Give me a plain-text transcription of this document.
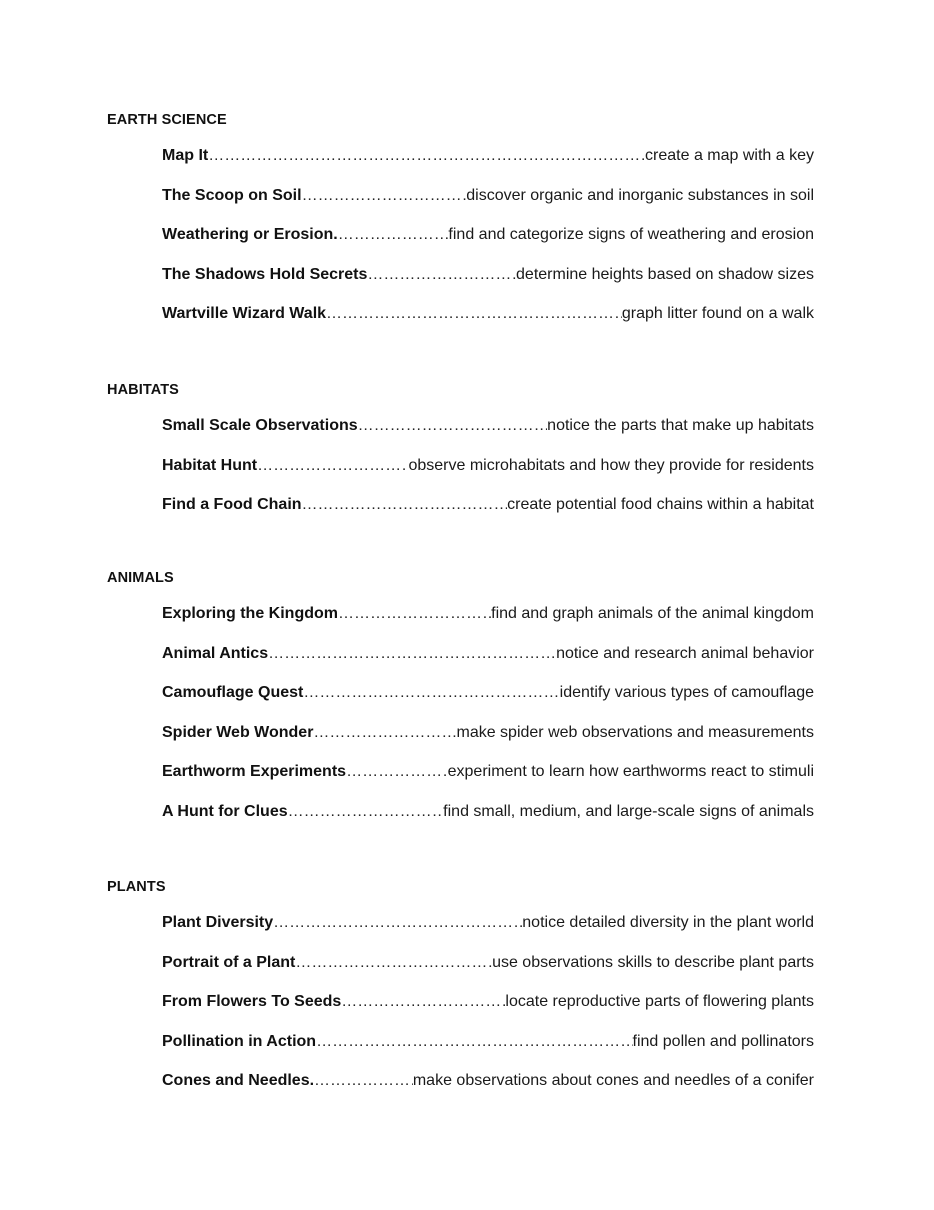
EARTH SCIENCE
Map It ………………………………………………………………………………………………………………………………	create a map with a key
The Scoop on Soil ………………………………………………………………………………………………………………………………	discover organic and inorganic substances in soil
Weathering or Erosion. ………………………………………………………………………………………………………………………………	find and categorize signs of weathering and erosion
The Shadows Hold Secrets ………………………………………………………………………………………………………………………………	determine heights based on shadow sizes
Wartville Wizard Walk ………………………………………………………………………………………………………………………………	graph litter found on a walk
HABITATS
Small Scale Observations ………………………………………………………………………………………………………………………………	notice the parts that make up habitats
Habitat Hunt ………………………………………………………………………………………………………………………………	observe microhabitats and how they provide for residents
Find a Food Chain ………………………………………………………………………………………………………………………………	create potential food chains within a habitat
ANIMALS
Exploring the Kingdom ………………………………………………………………………………………………………………………………	find and graph animals of the animal kingdom
Animal Antics ………………………………………………………………………………………………………………………………	notice and research animal behavior
Camouflage Quest ………………………………………………………………………………………………………………………………	identify various types of camouflage
Spider Web Wonder ………………………………………………………………………………………………………………………………	make spider web observations and measurements
Earthworm Experiments ………………………………………………………………………………………………………………………………	experiment to learn how earthworms react to stimuli
A Hunt for Clues ………………………………………………………………………………………………………………………………	find small, medium, and large-scale signs of animals
PLANTS
Plant Diversity ………………………………………………………………………………………………………………………………	notice detailed diversity in the plant world
Portrait of a Plant ………………………………………………………………………………………………………………………………	use observations skills to describe plant parts
From Flowers To Seeds ………………………………………………………………………………………………………………………………	locate reproductive parts of flowering plants
Pollination in Action ………………………………………………………………………………………………………………………………	find pollen and pollinators
Cones and Needles. ………………………………………………………………………………………………………………………………	make observations about cones and needles of a conifer
